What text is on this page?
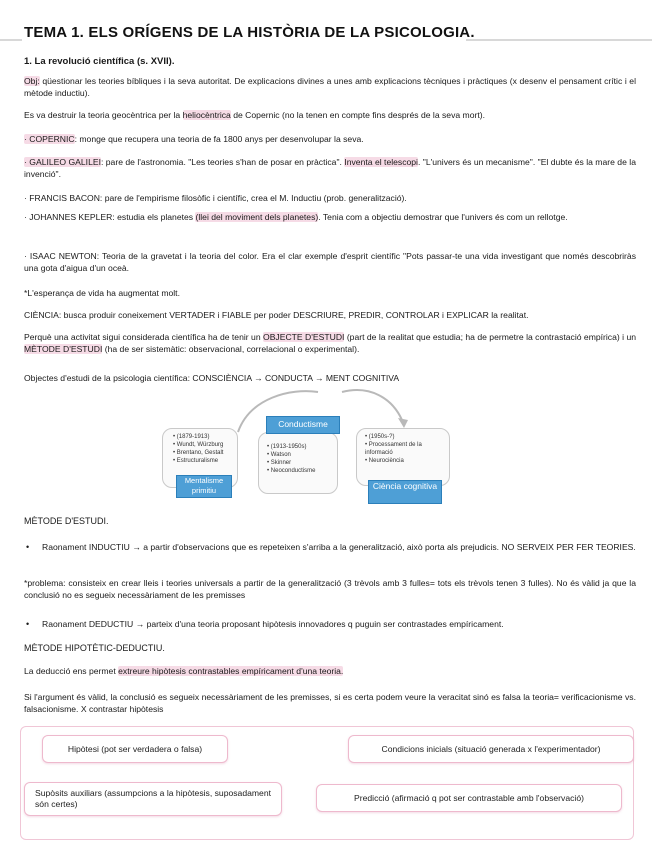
TEMA 1. ELS ORÍGENS DE LA HISTÒRIA DE LA PSICOLOGIA.
1. La revolució científica (s. XVII).
Obj: qüestionar les teories bíbliques i la seva autoritat. De explicacions divines a unes amb explicacions tècniques i pràctiques (x desenv el pensament crític i el mètode inductiu).
Es va destruir la teoria geocèntrica per la heliocèntrica de Copernic (no la tenen en compte fins després de la seva mort).
· COPERNIC: monge que recupera una teoria de fa 1800 anys per desenvolupar la seva.
· GALILEO GALILEI: pare de l'astronomia. "Les teories s'han de posar en pràctica". Inventa el telescopi. "L'univers és un mecanisme". "El dubte és la mare de la invenció".
· FRANCIS BACON: pare de l'empirisme filosòfic i científic, crea el M. Inductiu (prob. generalització).
· JOHANNES KEPLER: estudia els planetes (llei del moviment dels planetes). Tenia com a objectiu demostrar que l'univers és com un rellotge.
· ISAAC NEWTON: Teoria de la gravetat i la teoria del color. Era el clar exemple d'esprit científic "Pots passar-te una vida investigant que només descobriràs una gota d'aigua d'un oceà.
*L'esperança de vida ha augmentat molt.
CIÈNCIA: busca produir coneixement VERTADER i FIABLE per poder DESCRIURE, PREDIR, CONTROLAR i EXPLICAR la realitat.
Perquè una activitat sigui considerada científica ha de tenir un OBJECTE D'ESTUDI (part de la realitat que estudia; ha de permetre la contrastació empírica) i un MÈTODE D'ESTUDI (ha de ser sistemàtic: observacional, correlacional o experimental).
Objectes d'estudi de la psicologia científica: CONSCIÈNCIA → CONDUCTA → MENT COGNITIVA
• (1879-1913)
• Wundt, Würzburg
• Brentano, Gestalt
• Estructuralisme
Mentalisme primitiu
• (1913-1950s)
• Watson
• Skinner
• Neoconductisme
Conductisme
• (1950s-?)
• Processament de la informació
• Neurociència
Ciència cognitiva
MÈTODE D'ESTUDI.
• Raonament INDUCTIU → a partir d'observacions que es repeteixen s'arriba a la generalització, això porta als prejudicis. NO SERVEIX PER FER TEORIES.
*problema: consisteix en crear lleis i teories universals a partir de la generalització (3 trèvols amb 3 fulles= tots els trèvols tenen 3 fulles). No és vàlid ja que la conclusió no es segueix necessàriament de les premisses
• Raonament DEDUCTIU → parteix d'una teoria proposant hipòtesis innovadores q puguin ser contrastades empíricament.
MÈTODE HIPOTÈTIC-DEDUCTIU.
La deducció ens permet extreure hipòtesis contrastables empíricament d'una teoria.
Si l'argument és vàlid, la conclusió es segueix necessàriament de les premisses, si es certa podem veure la veracitat sinó es falsa la teoria= verificacionisme vs. falsacionisme. X contrastar hipòtesis
Hipòtesi (pot ser verdadera o falsa)	Condicions inicials (situació generada x l'experimentador)
Supòsits auxiliars (assumpcions a la hipòtesis, suposadament són certes)
Predicció (afirmació q pot ser contrastable amb l'observació)
